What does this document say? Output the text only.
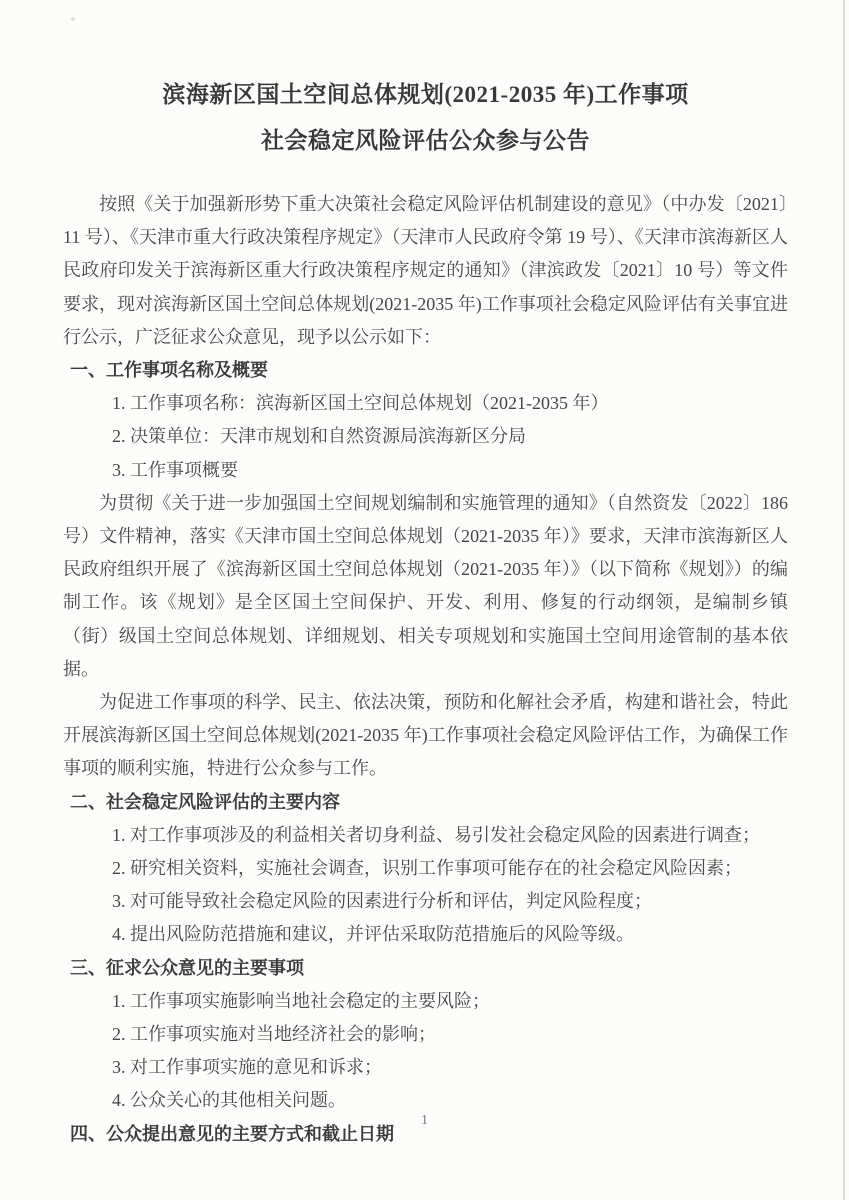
滨海新区国土空间总体规划(2021-2035 年)工作事项
社会稳定风险评估公众参与公告
按照《关于加强新形势下重大决策社会稳定风险评估机制建设的意见》（中办发〔2021〕11 号）、《天津市重大行政决策程序规定》（天津市人民政府令第 19 号）、《天津市滨海新区人民政府印发关于滨海新区重大行政决策程序规定的通知》（津滨政发〔2021〕10 号）等文件要求，现对滨海新区国土空间总体规划(2021-2035 年)工作事项社会稳定风险评估有关事宜进行公示，广泛征求公众意见，现予以公示如下：
一、工作事项名称及概要
1. 工作事项名称：滨海新区国土空间总体规划（2021-2035 年）
2. 决策单位：天津市规划和自然资源局滨海新区分局
3. 工作事项概要
为贯彻《关于进一步加强国土空间规划编制和实施管理的通知》（自然资发〔2022〕186 号）文件精神，落实《天津市国土空间总体规划（2021-2035 年）》要求，天津市滨海新区人民政府组织开展了《滨海新区国土空间总体规划（2021-2035 年）》（以下简称《规划》）的编制工作。该《规划》是全区国土空间保护、开发、利用、修复的行动纲领，是编制乡镇（街）级国土空间总体规划、详细规划、相关专项规划和实施国土空间用途管制的基本依据。
为促进工作事项的科学、民主、依法决策，预防和化解社会矛盾，构建和谐社会，特此开展滨海新区国土空间总体规划(2021-2035 年)工作事项社会稳定风险评估工作，为确保工作事项的顺利实施，特进行公众参与工作。
二、社会稳定风险评估的主要内容
1. 对工作事项涉及的利益相关者切身利益、易引发社会稳定风险的因素进行调查；
2. 研究相关资料，实施社会调查，识别工作事项可能存在的社会稳定风险因素；
3. 对可能导致社会稳定风险的因素进行分析和评估，判定风险程度；
4. 提出风险防范措施和建议，并评估采取防范措施后的风险等级。
三、征求公众意见的主要事项
1. 工作事项实施影响当地社会稳定的主要风险；
2. 工作事项实施对当地经济社会的影响；
3. 对工作事项实施的意见和诉求；
4. 公众关心的其他相关问题。
四、公众提出意见的主要方式和截止日期
1
